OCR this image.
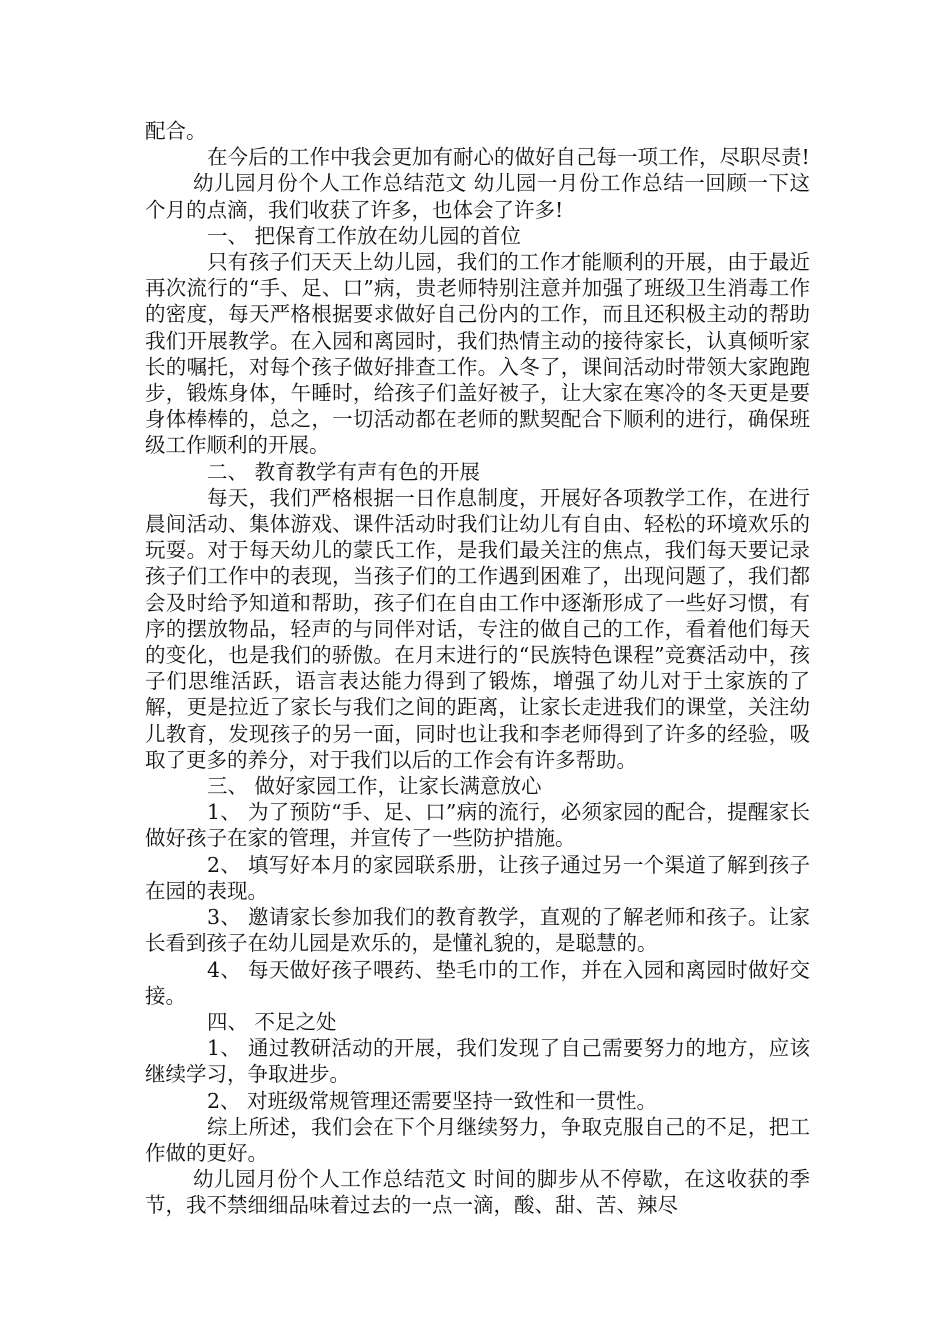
配合。

在今后的工作中我会更加有耐心的做好自己每一项工作，尽职尽责!

幼儿园月份个人工作总结范文 幼儿园一月份工作总结一回顾一下这个月的点滴，我们收获了许多，也体会了许多!

一、 把保育工作放在幼儿园的首位

只有孩子们天天上幼儿园，我们的工作才能顺利的开展，由于最近再次流行的“手、足、口”病，贵老师特别注意并加强了班级卫生消毒工作的密度，每天严格根据要求做好自己份内的工作，而且还积极主动的帮助我们开展教学。在入园和离园时，我们热情主动的接待家长，认真倾听家长的嘱托，对每个孩子做好排查工作。入冬了，课间活动时带领大家跑跑步，锻炼身体，午睡时，给孩子们盖好被子，让大家在寒冷的冬天更是要身体棒棒的，总之，一切活动都在老师的默契配合下顺利的进行，确保班级工作顺利的开展。

二、 教育教学有声有色的开展

每天，我们严格根据一日作息制度，开展好各项教学工作，在进行晨间活动、集体游戏、课件活动时我们让幼儿有自由、轻松的环境欢乐的玩耍。对于每天幼儿的蒙氏工作，是我们最关注的焦点，我们每天要记录孩子们工作中的表现，当孩子们的工作遇到困难了，出现问题了，我们都会及时给予知道和帮助，孩子们在自由工作中逐渐形成了一些好习惯，有序的摆放物品，轻声的与同伴对话，专注的做自己的工作，看着他们每天的变化，也是我们的骄傲。在月末进行的“民族特色课程”竞赛活动中，孩子们思维活跃，语言表达能力得到了锻炼，增强了幼儿对于土家族的了解，更是拉近了家长与我们之间的距离，让家长走进我们的课堂，关注幼儿教育，发现孩子的另一面，同时也让我和李老师得到了许多的经验，吸取了更多的养分，对于我们以后的工作会有许多帮助。

三、 做好家园工作，让家长满意放心

1、 为了预防“手、足、口”病的流行，必须家园的配合，提醒家长做好孩子在家的管理，并宣传了一些防护措施。

2、 填写好本月的家园联系册，让孩子通过另一个渠道了解到孩子在园的表现。

3、 邀请家长参加我们的教育教学，直观的了解老师和孩子。让家长看到孩子在幼儿园是欢乐的，是懂礼貌的，是聪慧的。

4、 每天做好孩子喂药、垫毛巾的工作，并在入园和离园时做好交接。

四、 不足之处

1、 通过教研活动的开展，我们发现了自己需要努力的地方，应该继续学习，争取进步。

2、 对班级常规管理还需要坚持一致性和一贯性。

综上所述，我们会在下个月继续努力，争取克服自己的不足，把工作做的更好。

幼儿园月份个人工作总结范文 时间的脚步从不停歇，在这收获的季节，我不禁细细品味着过去的一点一滴，酸、甜、苦、辣尽
